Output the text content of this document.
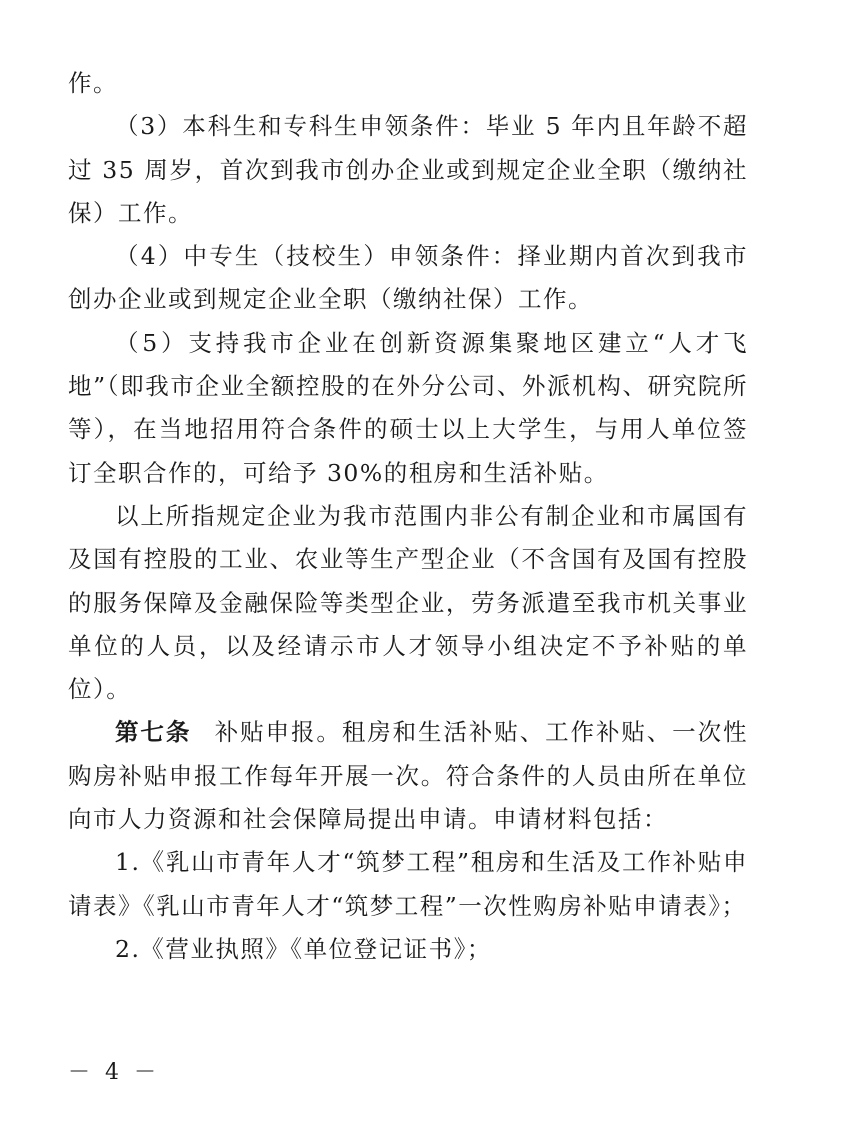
作。

（3）本科生和专科生申领条件：毕业 5 年内且年龄不超过 35 周岁，首次到我市创办企业或到规定企业全职（缴纳社保）工作。

（4）中专生（技校生）申领条件：择业期内首次到我市创办企业或到规定企业全职（缴纳社保）工作。

（5）支持我市企业在创新资源集聚地区建立“人才飞地”（即我市企业全额控股的在外分公司、外派机构、研究院所等），在当地招用符合条件的硕士以上大学生，与用人单位签订全职合作的，可给予 30%的租房和生活补贴。

以上所指规定企业为我市范围内非公有制企业和市属国有及国有控股的工业、农业等生产型企业（不含国有及国有控股的服务保障及金融保险等类型企业，劳务派遣至我市机关事业单位的人员，以及经请示市人才领导小组决定不予补贴的单位）。

第七条 补贴申报。租房和生活补贴、工作补贴、一次性购房补贴申报工作每年开展一次。符合条件的人员由所在单位向市人力资源和社会保障局提出申请。申请材料包括：

1.《乳山市青年人才“筑梦工程”租房和生活及工作补贴申请表》《乳山市青年人才“筑梦工程”一次性购房补贴申请表》；

2.《营业执照》《单位登记证书》；

－ 4 －
